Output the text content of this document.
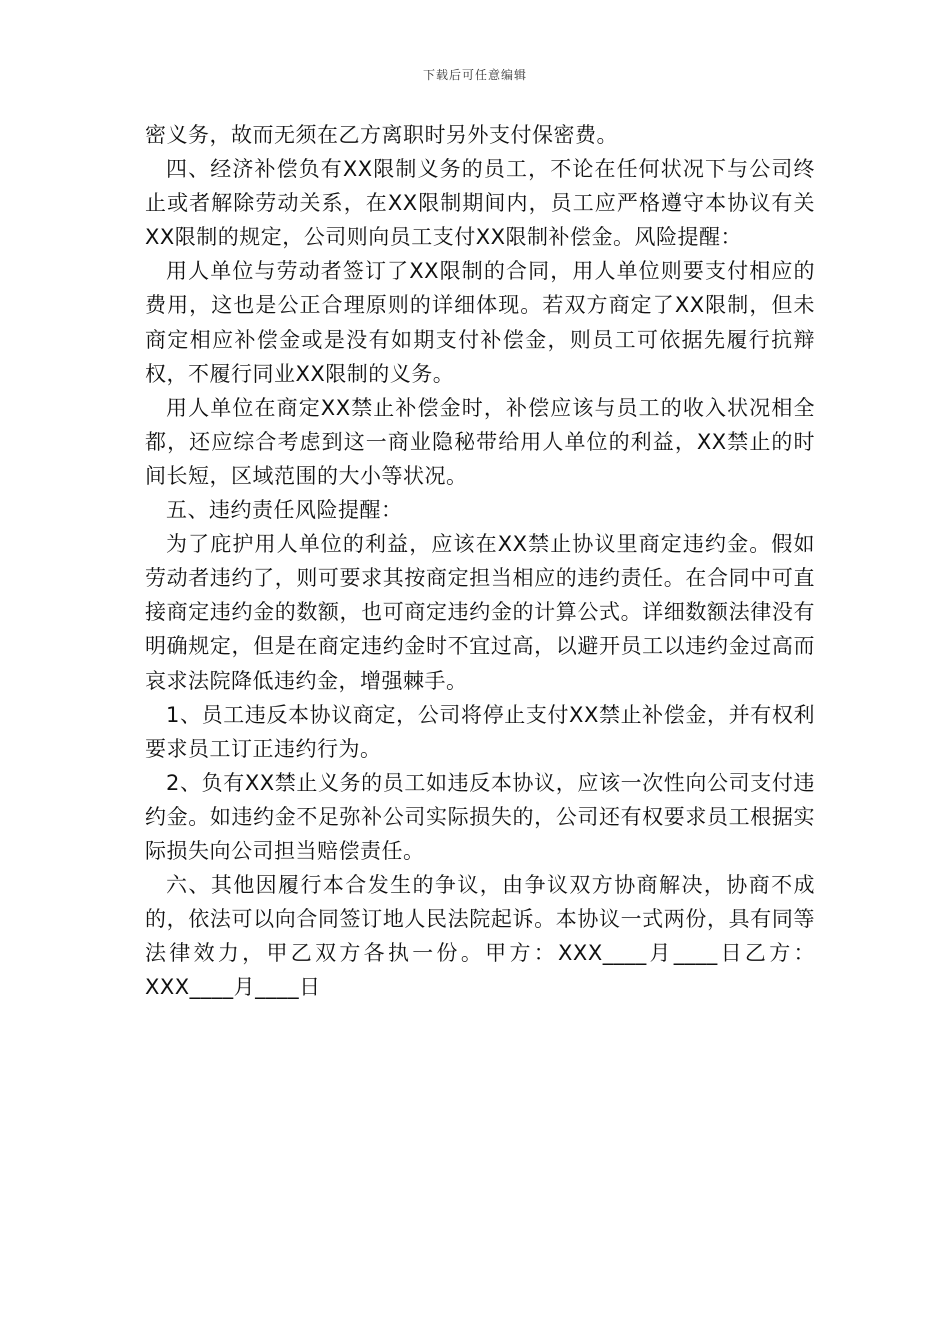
下载后可任意编辑

密义务，故而无须在乙方离职时另外支付保密费。

四、经济补偿负有XX限制义务的员工，不论在任何状况下与公司终止或者解除劳动关系，在XX限制期间内，员工应严格遵守本协议有关XX限制的规定，公司则向员工支付XX限制补偿金。风险提醒：

用人单位与劳动者签订了XX限制的合同，用人单位则要支付相应的费用，这也是公正合理原则的详细体现。若双方商定了XX限制，但未商定相应补偿金或是没有如期支付补偿金，则员工可依据先履行抗辩权，不履行同业XX限制的义务。

用人单位在商定XX禁止补偿金时，补偿应该与员工的收入状况相全都，还应综合考虑到这一商业隐秘带给用人单位的利益，XX禁止的时间长短，区域范围的大小等状况。

五、违约责任风险提醒：

为了庇护用人单位的利益，应该在XX禁止协议里商定违约金。假如劳动者违约了，则可要求其按商定担当相应的违约责任。在合同中可直接商定违约金的数额，也可商定违约金的计算公式。详细数额法律没有明确规定，但是在商定违约金时不宜过高，以避开员工以违约金过高而哀求法院降低违约金，增强棘手。

1、员工违反本协议商定，公司将停止支付XX禁止补偿金，并有权利要求员工订正违约行为。

2、负有XX禁止义务的员工如违反本协议，应该一次性向公司支付违约金。如违约金不足弥补公司实际损失的，公司还有权要求员工根据实际损失向公司担当赔偿责任。

六、其他因履行本合发生的争议，由争议双方协商解决，协商不成的，依法可以向合同签订地人民法院起诉。本协议一式两份，具有同等法律效力，甲乙双方各执一份。甲方：XXX____月____日乙方：XXX____月____日
